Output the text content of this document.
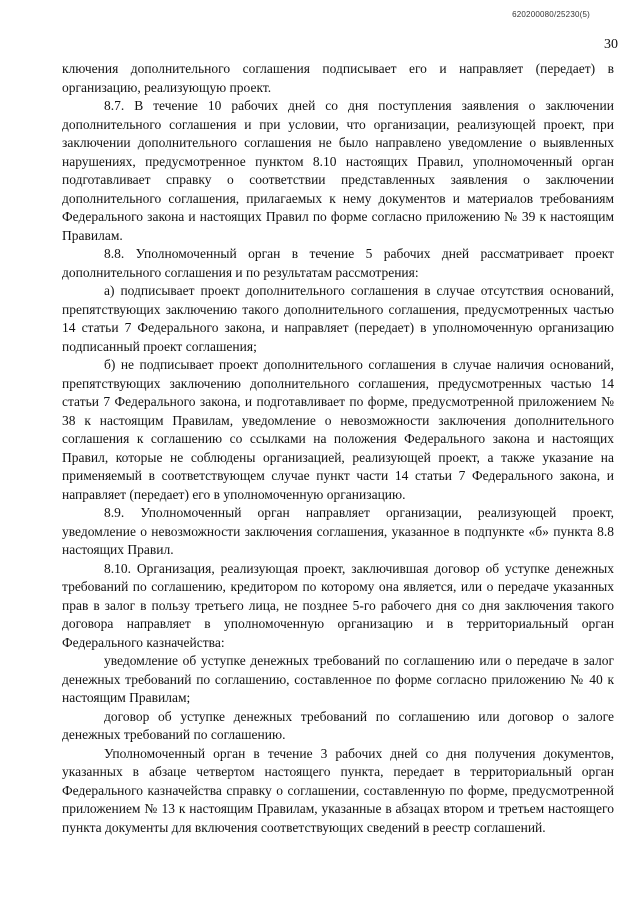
620200080/25230(5)
30

ключения дополнительного соглашения подписывает его и направляет (передает) в организацию, реализующую проект.

8.7. В течение 10 рабочих дней со дня поступления заявления о заключении дополнительного соглашения и при условии, что организации, реализующей проект, при заключении дополнительного соглашения не было направлено уведомление о выявленных нарушениях, предусмотренное пунктом 8.10 настоящих Правил, уполномоченный орган подготавливает справку о соответствии представленных заявления о заключении дополнительного соглашения, прилагаемых к нему документов и материалов требованиям Федерального закона и настоящих Правил по форме согласно приложению № 39 к настоящим Правилам.

8.8. Уполномоченный орган в течение 5 рабочих дней рассматривает проект дополнительного соглашения и по результатам рассмотрения:

а) подписывает проект дополнительного соглашения в случае отсутствия оснований, препятствующих заключению такого дополнительного соглашения, предусмотренных частью 14 статьи 7 Федерального закона, и направляет (передает) в уполномоченную организацию подписанный проект соглашения;

б) не подписывает проект дополнительного соглашения в случае наличия оснований, препятствующих заключению дополнительного соглашения, предусмотренных частью 14 статьи 7 Федерального закона, и подготавливает по форме, предусмотренной приложением № 38 к настоящим Правилам, уведомление о невозможности заключения дополнительного соглашения к соглашению со ссылками на положения Федерального закона и настоящих Правил, которые не соблюдены организацией, реализующей проект, а также указание на применяемый в соответствующем случае пункт части 14 статьи 7 Федерального закона, и направляет (передает) его в уполномоченную организацию.

8.9. Уполномоченный орган направляет организации, реализующей проект, уведомление о невозможности заключения соглашения, указанное в подпункте «б» пункта 8.8 настоящих Правил.

8.10. Организация, реализующая проект, заключившая договор об уступке денежных требований по соглашению, кредитором по которому она является, или о передаче указанных прав в залог в пользу третьего лица, не позднее 5-го рабочего дня со дня заключения такого договора направляет в уполномоченную организацию и в территориальный орган Федерального казначейства:

уведомление об уступке денежных требований по соглашению или о передаче в залог денежных требований по соглашению, составленное по форме согласно приложению № 40 к настоящим Правилам;

договор об уступке денежных требований по соглашению или договор о залоге денежных требований по соглашению.

Уполномоченный орган в течение 3 рабочих дней со дня получения документов, указанных в абзаце четвертом настоящего пункта, передает в территориальный орган Федерального казначейства справку о соглашении, составленную по форме, предусмотренной приложением № 13 к настоящим Правилам, указанные в абзацах втором и третьем настоящего пункта документы для включения соответствующих сведений в реестр соглашений.
